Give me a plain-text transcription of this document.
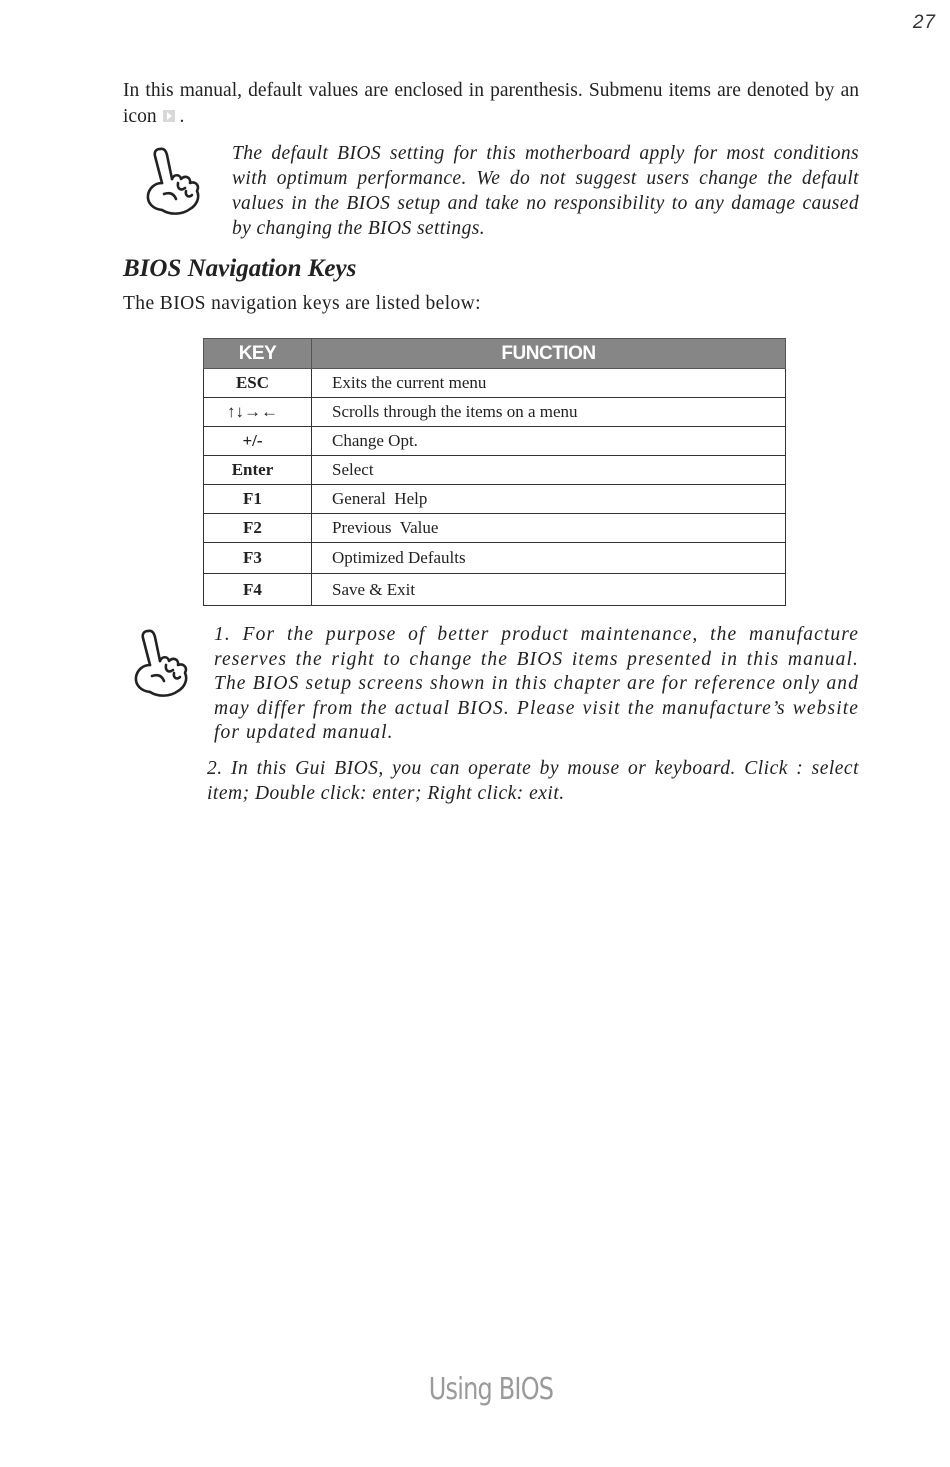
27

In this manual, default values are enclosed in parenthesis. Submenu items are denoted by an icon .

The default BIOS setting for this motherboard apply for most conditions with optimum performance. We do not suggest users change the default values in the BIOS setup and take no responsibility to any damage caused by changing the BIOS settings.

BIOS Navigation Keys

The BIOS navigation keys are listed below:

KEY	FUNCTION
ESC	Exits the current menu
↑↓→←	Scrolls through the items on a menu
+/-	Change Opt.
Enter	Select
F1	General  Help
F2	Previous  Value
F3	Optimized Defaults
F4	Save & Exit

1. For the purpose of better product maintenance, the manufacture reserves the right to change the BIOS items presented in this manual. The BIOS setup screens shown in this chapter are for reference only and may differ from the actual BIOS. Please visit the manufacture’s website for updated manual.

2. In this Gui BIOS, you can operate by mouse or keyboard. Click : select item; Double click: enter; Right click: exit.

Using BIOS
